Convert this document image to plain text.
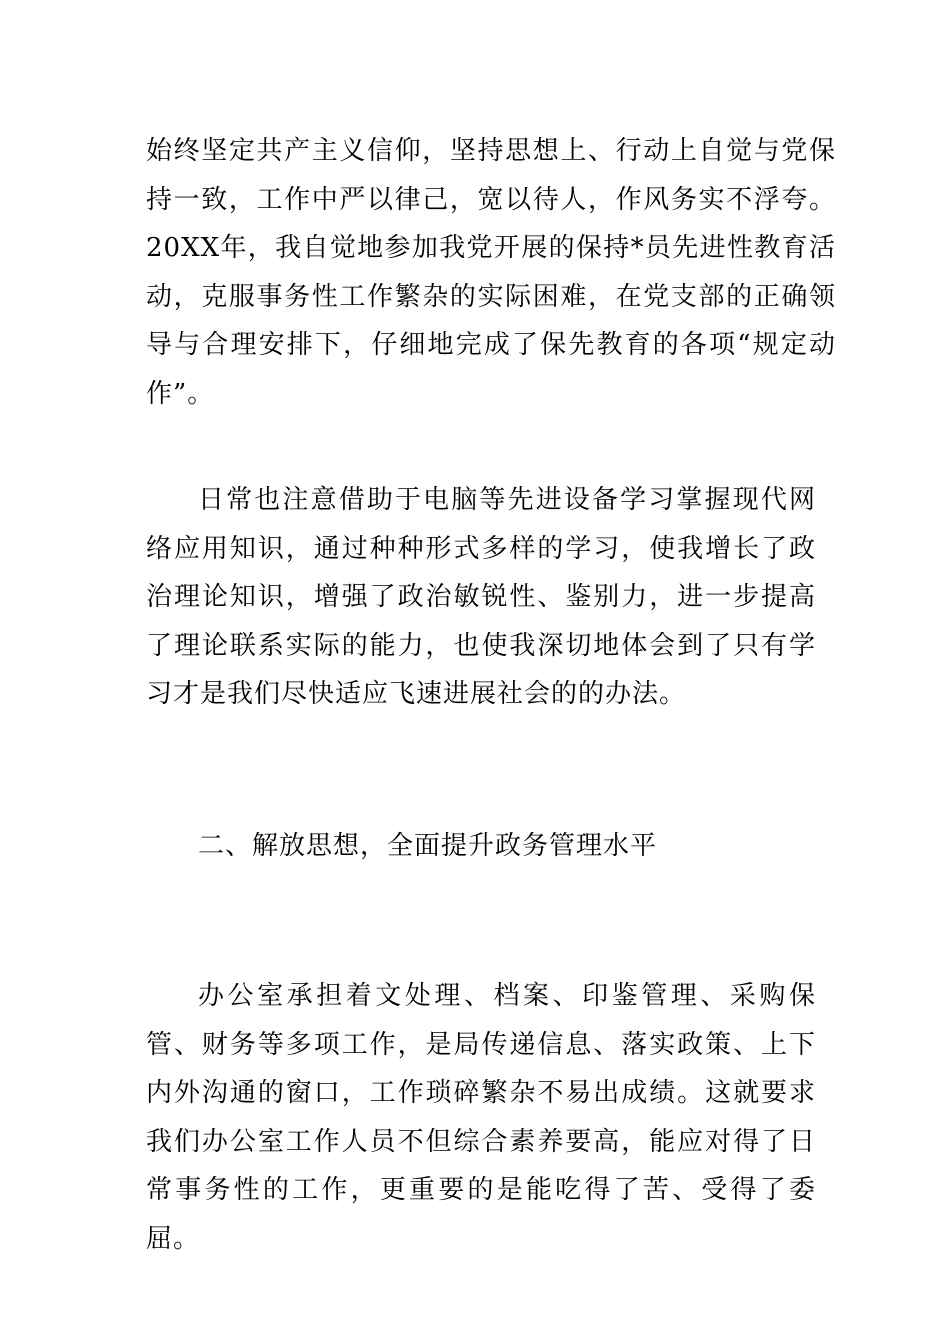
始终坚定共产主义信仰，坚持思想上、行动上自觉与党保持一致，工作中严以律己，宽以待人，作风务实不浮夸。20XX年，我自觉地参加我党开展的保持*员先进性教育活动，克服事务性工作繁杂的实际困难，在党支部的正确领导与合理安排下，仔细地完成了保先教育的各项“规定动作”。

日常也注意借助于电脑等先进设备学习掌握现代网络应用知识，通过种种形式多样的学习，使我增长了政治理论知识，增强了政治敏锐性、鉴别力，进一步提高了理论联系实际的能力，也使我深切地体会到了只有学习才是我们尽快适应飞速进展社会的的办法。

二、解放思想，全面提升政务管理水平

办公室承担着文处理、档案、印鉴管理、采购保管、财务等多项工作，是局传递信息、落实政策、上下内外沟通的窗口，工作琐碎繁杂不易出成绩。这就要求我们办公室工作人员不但综合素养要高，能应对得了日常事务性的工作，更重要的是能吃得了苦、受得了委屈。
